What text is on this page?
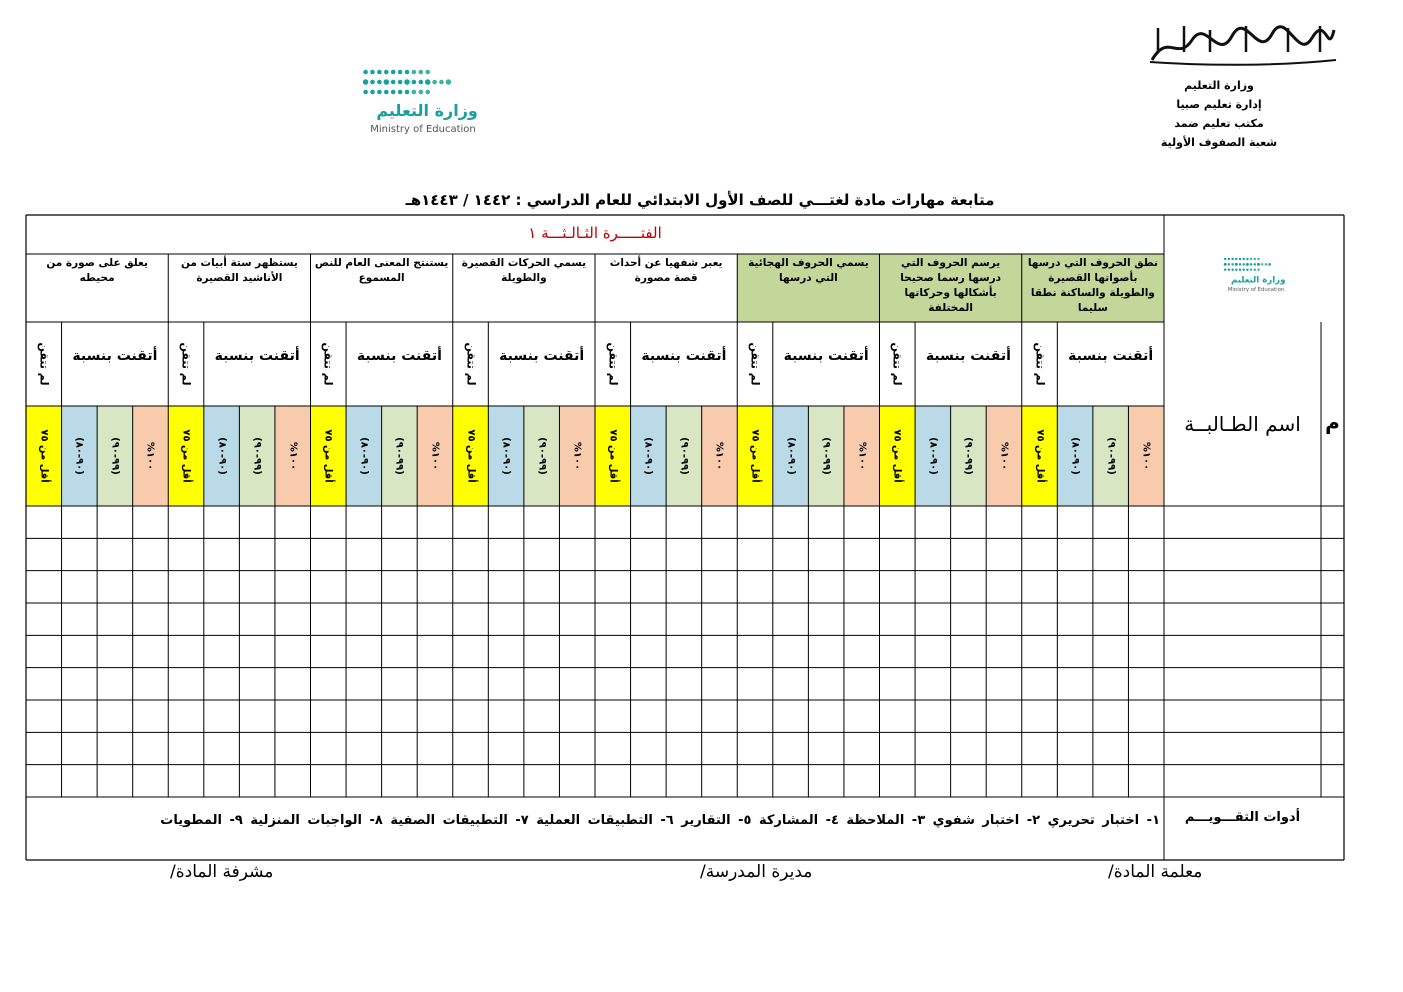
وزارة التعليم
إدارة تعليم صبيا
مكتب تعليم ضمد
شعبة الصفوف الأولية
وزارة التعليم
Ministry of Education
متابعة مهارات مادة لغتـــي للصف الأول الابتدائي للعام الدراسي : ١٤٤٢ / ١٤٤٣هـ
الفتـــــرة الثـالـثـــة ١
وزارة التعليم
Ministry of Education
نطق الحروف التي درسها بأصواتها القصيرة والطويلة والساكنة نطقا سليما
أتقنت بنسبة
لم تتقن
١٠٠%
(٩٩-٩٠)
(٩٠-٨٠)
أقل من ٧٥
يرسم الحروف التي درسها رسما صحيحا بأشكالها وحركاتها المختلفة
أتقنت بنسبة
لم تتقن
١٠٠%
(٩٩-٩٠)
(٩٠-٨٠)
أقل من ٧٥
يسمي الحروف الهجائية التي درسها
أتقنت بنسبة
لم تتقن
١٠٠%
(٩٩-٩٠)
(٩٠-٨٠)
أقل من ٧٥
يعبر شفهيا عن أحداث قصة مصورة
أتقنت بنسبة
لم تتقن
١٠٠%
(٩٩-٩٠)
(٩٠-٨٠)
أقل من ٧٥
يسمي الحركات القصيرة والطويلة
أتقنت بنسبة
لم تتقن
١٠٠%
(٩٩-٩٠)
(٩٠-٨٠)
أقل من ٧٥
يستنتج المعنى العام للنص المسموع
أتقنت بنسبة
لم تتقن
١٠٠%
(٩٩-٩٠)
(٩٠-٨٠)
أقل من ٧٥
يستظهر ستة أبيات من الأناشيد القصيرة
أتقنت بنسبة
لم تتقن
١٠٠%
(٩٩-٩٠)
(٩٠-٨٠)
أقل من ٧٥
يعلق على صورة من محيطه
أتقنت بنسبة
لم تتقن
١٠٠%
(٩٩-٩٠)
(٩٠-٨٠)
أقل من ٧٥
اسم الطـالبــة	م
أدوات التقـــويـــم
١- اختبار تحريري ٢- اختبار شفوي ٣- الملاحظة ٤- المشاركة ٥- التقارير ٦- التطبيقات العملية ٧- التطبيقات الصفية ٨- الواجبات المنزلية ٩- المطويات
معلمة المادة/
مديرة المدرسة/
مشرفة المادة/
